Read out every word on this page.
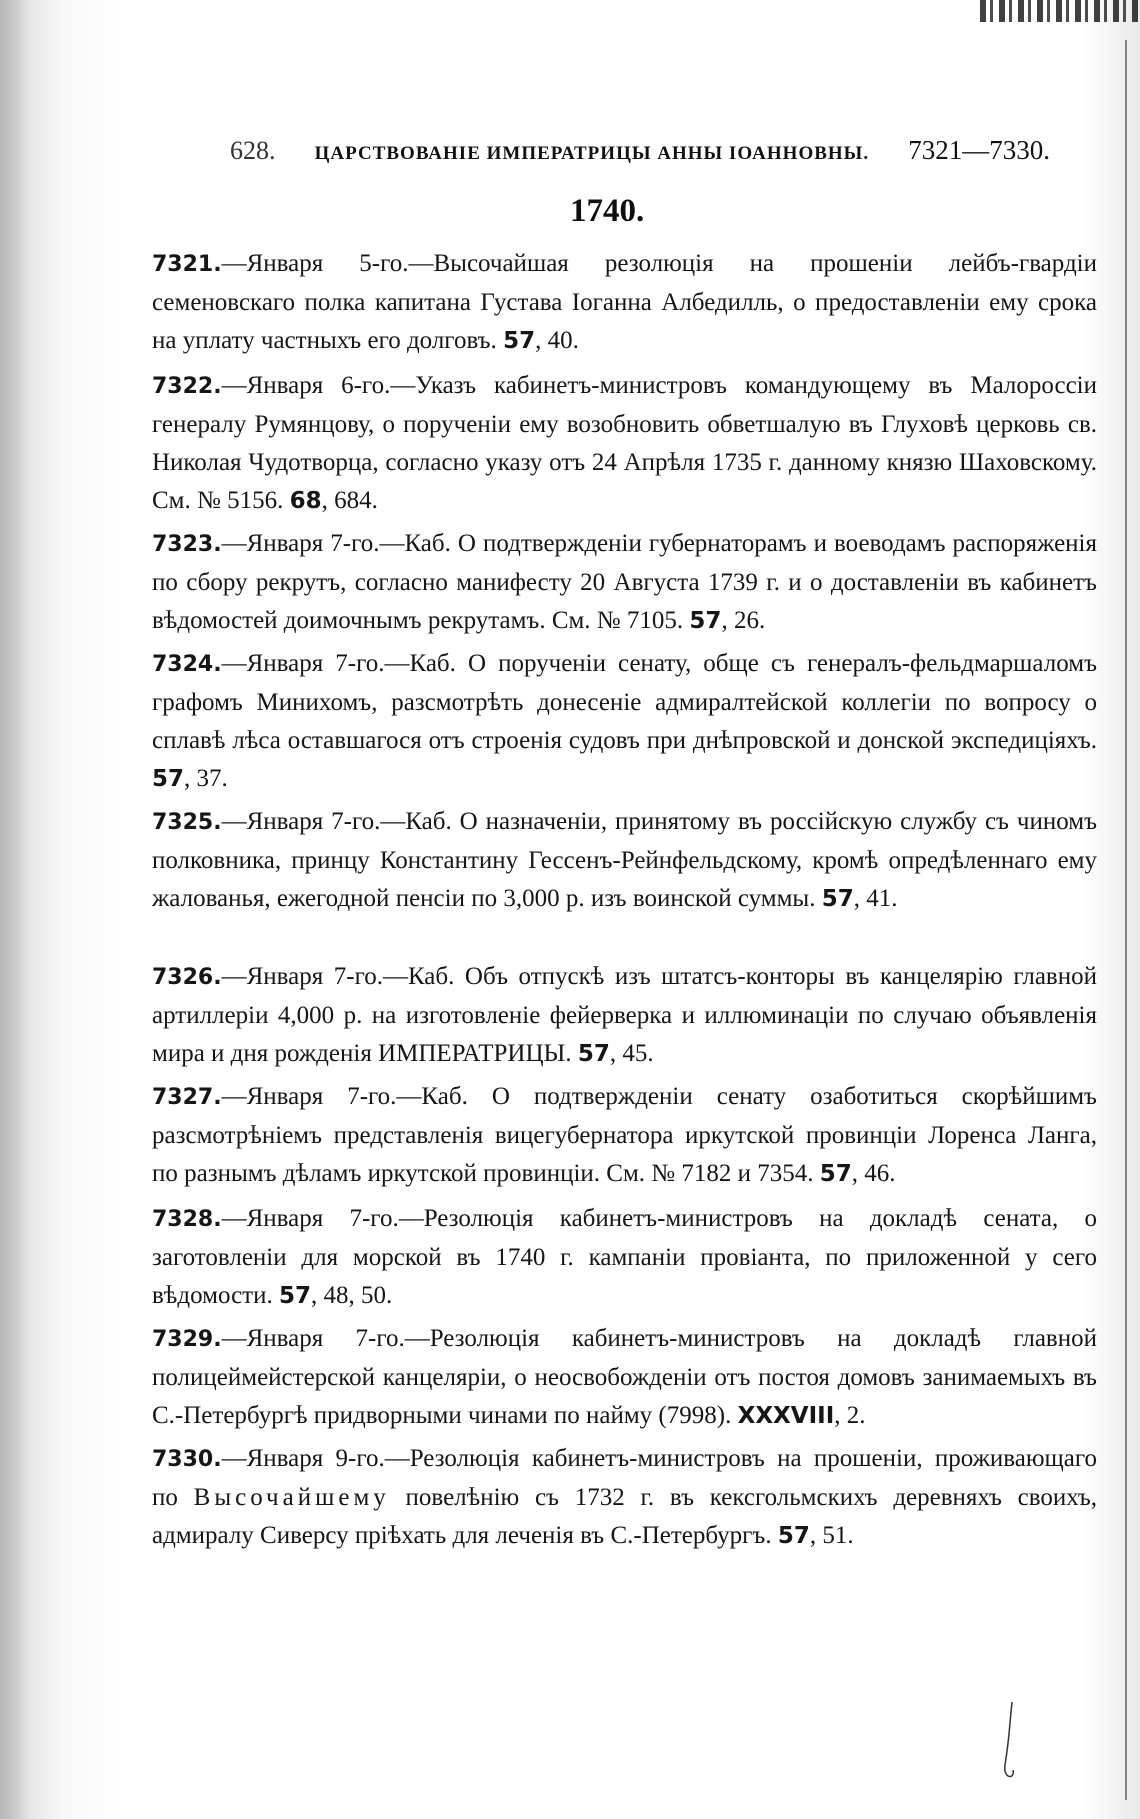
628. ЦАРСТВОВАНІЕ ИМПЕРАТРИЦЫ АННЫ ІОАННОВНЫ. 7321—7330.
1740.

7321.—Января 5-го.—Высочайшая резолюція на прошеніи лейбъ-гвардіи семеновскаго полка капитана Густава Іоганна Албедилль, о предоставленіи ему срока на уплату частныхъ его долговъ. 57, 40.

7322.—Января 6-го.—Указъ кабинетъ-министровъ командующему въ Малороссіи генералу Румянцову, о порученіи ему возобновить обветшалую въ Глуховѣ церковь св. Николая Чудотворца, согласно указу отъ 24 Апрѣля 1735 г. данному князю Шаховскому. См. № 5156. 68, 684.

7323.—Января 7-го.—Каб. О подтвержденіи губернаторамъ и воеводамъ распоряженія по сбору рекрутъ, согласно манифесту 20 Августа 1739 г. и о доставленіи въ кабинетъ вѣдомостей доимочнымъ рекрутамъ. См. № 7105. 57, 26.

7324.—Января 7-го.—Каб. О порученіи сенату, обще съ генералъ-фельдмаршаломъ графомъ Минихомъ, разсмотрѣть донесеніе адмиралтейской коллегіи по вопросу о сплавѣ лѣса оставшагося отъ строенія судовъ при днѣпровской и донской экспедиціяхъ. 57, 37.

7325.—Января 7-го.—Каб. О назначеніи, принятому въ россійскую службу съ чиномъ полковника, принцу Константину Гессенъ-Рейнфельдскому, кромѣ опредѣленнаго ему жалованья, ежегодной пенсіи по 3,000 р. изъ воинской суммы. 57, 41.

7326.—Января 7-го.—Каб. Объ отпускѣ изъ штатсъ-конторы въ канцелярію главной артиллеріи 4,000 р. на изготовленіе фейерверка и иллюминаціи по случаю объявленія мира и дня рожденія ИМПЕРАТРИЦЫ. 57, 45.

7327.—Января 7-го.—Каб. О подтвержденіи сенату озаботиться скорѣйшимъ разсмотрѣніемъ представленія вицегубернатора иркутской провинціи Лоренса Ланга, по разнымъ дѣламъ иркутской провинціи. См. № 7182 и 7354. 57, 46.

7328.—Января 7-го.—Резолюція кабинетъ-министровъ на докладѣ сената, о заготовленіи для морской въ 1740 г. кампаніи провіанта, по приложенной у сего вѣдомости. 57, 48, 50.

7329.—Января 7-го.—Резолюція кабинетъ-министровъ на докладѣ главной полицеймейстерской канцеляріи, о неосвобожденіи отъ постоя домовъ занимаемыхъ въ С.-Петербургѣ придворными чинами по найму (7998). XXXVIII, 2.

7330.—Января 9-го.—Резолюція кабинетъ-министровъ на прошеніи, проживающаго по Высочайшему повелѣнію съ 1732 г. въ кексгольмскихъ деревняхъ своихъ, адмиралу Сиверсу пріѣхать для леченія въ С.-Петербургъ. 57, 51.
